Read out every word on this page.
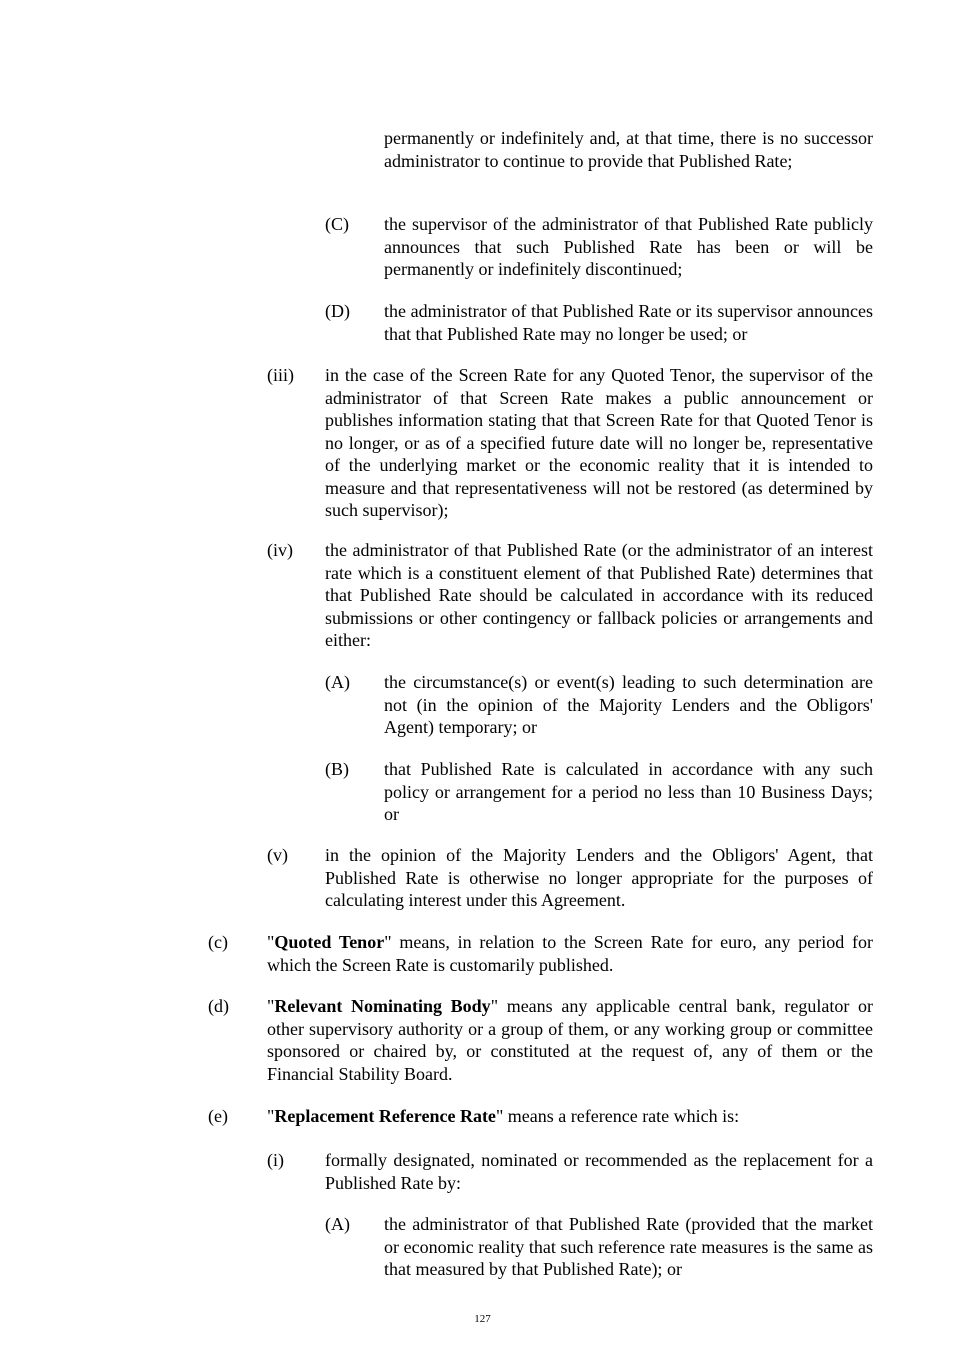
permanently or indefinitely and, at that time, there is no successor administrator to continue to provide that Published Rate;
(C) the supervisor of the administrator of that Published Rate publicly announces that such Published Rate has been or will be permanently or indefinitely discontinued;
(D) the administrator of that Published Rate or its supervisor announces that that Published Rate may no longer be used; or
(iii) in the case of the Screen Rate for any Quoted Tenor, the supervisor of the administrator of that Screen Rate makes a public announcement or publishes information stating that that Screen Rate for that Quoted Tenor is no longer, or as of a specified future date will no longer be, representative of the underlying market or the economic reality that it is intended to measure and that representativeness will not be restored (as determined by such supervisor);
(iv) the administrator of that Published Rate (or the administrator of an interest rate which is a constituent element of that Published Rate) determines that that Published Rate should be calculated in accordance with its reduced submissions or other contingency or fallback policies or arrangements and either:
(A) the circumstance(s) or event(s) leading to such determination are not (in the opinion of the Majority Lenders and the Obligors' Agent) temporary; or
(B) that Published Rate is calculated in accordance with any such policy or arrangement for a period no less than 10 Business Days; or
(v) in the opinion of the Majority Lenders and the Obligors' Agent, that Published Rate is otherwise no longer appropriate for the purposes of calculating interest under this Agreement.
(c) "Quoted Tenor" means, in relation to the Screen Rate for euro, any period for which the Screen Rate is customarily published.
(d) "Relevant Nominating Body" means any applicable central bank, regulator or other supervisory authority or a group of them, or any working group or committee sponsored or chaired by, or constituted at the request of, any of them or the Financial Stability Board.
(e) "Replacement Reference Rate" means a reference rate which is:
(i) formally designated, nominated or recommended as the replacement for a Published Rate by:
(A) the administrator of that Published Rate (provided that the market or economic reality that such reference rate measures is the same as that measured by that Published Rate); or
127
